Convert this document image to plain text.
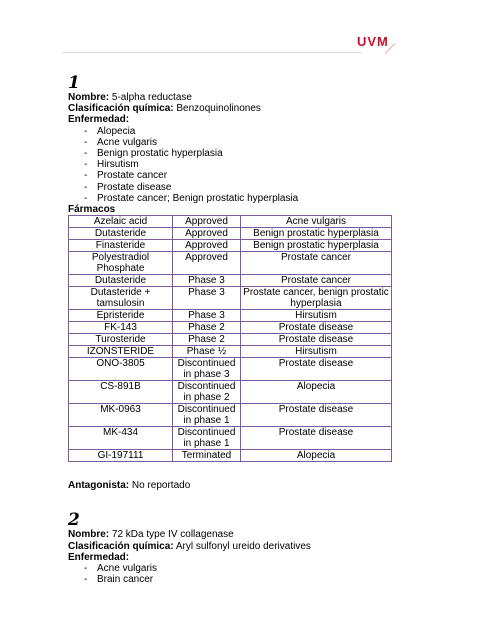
UVM
1
Nombre: 5-alpha reductase
Clasificación química: Benzoquinolinones
Enfermedad:
- Alopecia
- Acne vulgaris
- Benign prostatic hyperplasia
- Hirsutism
- Prostate cancer
- Prostate disease
- Prostate cancer; Benign prostatic hyperplasia
Fármacos
Azelaic acid	Approved	Acne vulgaris
Dutasteride	Approved	Benign prostatic hyperplasia
Finasteride	Approved	Benign prostatic hyperplasia
Polyestradiol Phosphate	Approved	Prostate cancer
Dutasteride	Phase 3	Prostate cancer
Dutasteride + tamsulosin	Phase 3	Prostate cancer, benign prostatic hyperplasia
Epristeride	Phase 3	Hirsutism
FK-143	Phase 2	Prostate disease
Turosteride	Phase 2	Prostate disease
IZONSTERIDE	Phase ½	Hirsutism
ONO-3805	Discontinued in phase 3	Prostate disease
CS-891B	Discontinued in phase 2	Alopecia
MK-0963	Discontinued in phase 1	Prostate disease
MK-434	Discontinued in phase 1	Prostate disease
GI-197111	Terminated	Alopecia
Antagonista: No reportado
2
Nombre: 72 kDa type IV collagenase
Clasificación química: Aryl sulfonyl ureido derivatives
Enfermedad:
- Acne vulgaris
- Brain cancer
